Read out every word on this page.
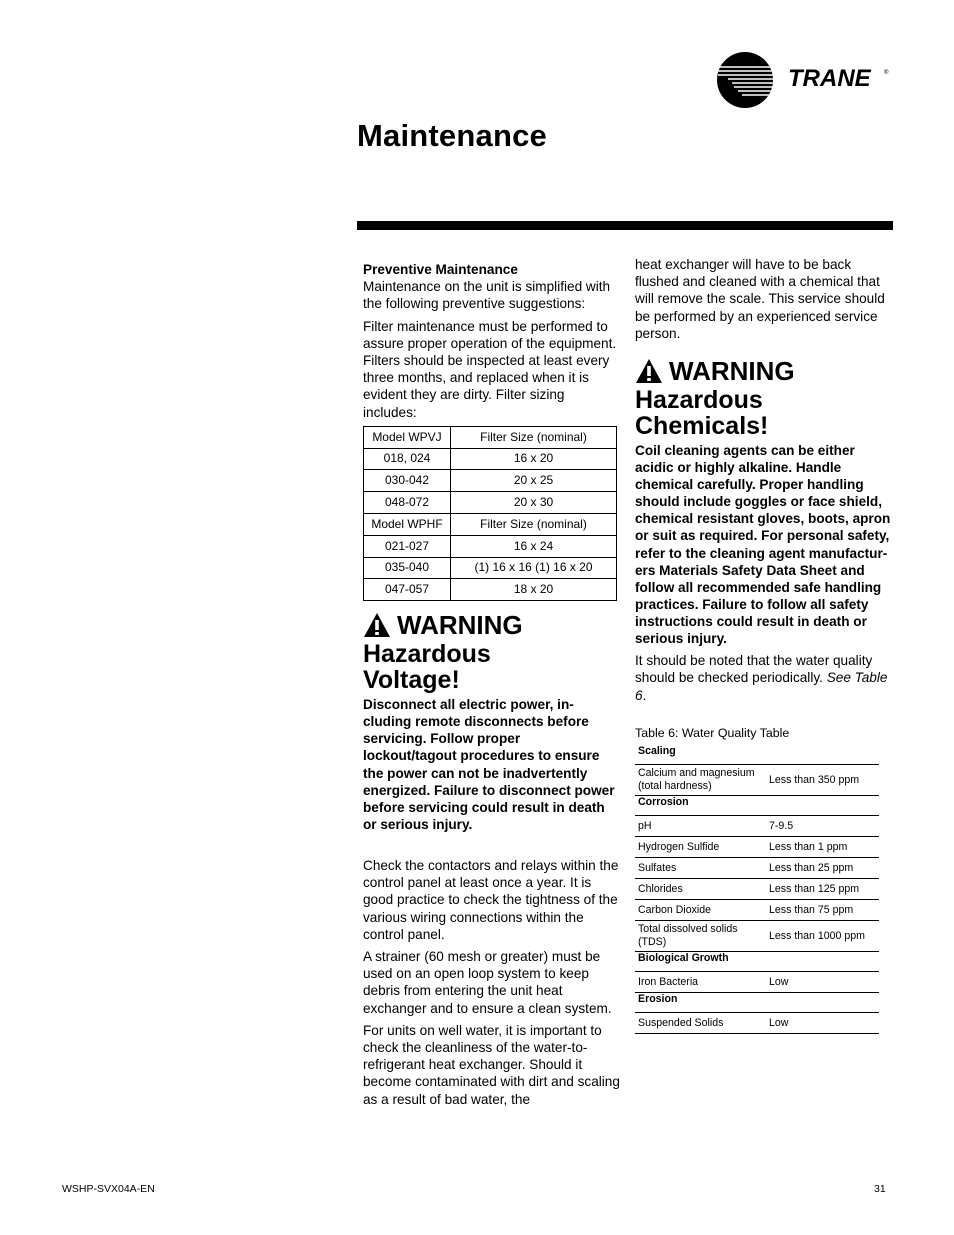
TRANE ®
Maintenance
Preventive Maintenance

Maintenance on the unit is simplified with the following preventive suggestions:

Filter maintenance must be performed to assure proper operation of the equipment. Filters should be inspected at least every three months, and replaced when it is evident they are dirty. Filter sizing includes:

Model WPVJ	Filter Size (nominal)
018, 024	16 x 20
030-042	20 x 25
048-072	20 x 30
Model WPHF	Filter Size (nominal)
021-027	16 x 24
035-040	(1) 16 x 16 (1) 16 x 20
047-057	18 x 20
WARNING
Hazardous Voltage!

Disconnect all electric power, including remote disconnects before servicing. Follow proper lockout/tagout procedures to ensure the power can not be inadvertently energized. Failure to disconnect power before servicing could result in death or serious injury.

Check the contactors and relays within the control panel at least once a year. It is good practice to check the tightness of the various wiring connections within the control panel.

A strainer (60 mesh or greater) must be used on an open loop system to keep debris from entering the unit heat exchanger and to ensure a clean system.

For units on well water, it is important to check the cleanliness of the water-to-refrigerant heat exchanger. Should it become contaminated with dirt and scaling as a result of bad water, the

heat exchanger will have to be back flushed and cleaned with a chemical that will remove the scale. This service should be performed by an experienced service person.

WARNING
Hazardous Chemicals!

Coil cleaning agents can be either acidic or highly alkaline. Handle chemical carefully. Proper handling should include goggles or face shield, chemical resistant gloves, boots, apron or suit as required. For personal safety, refer to the cleaning agent manufacturers Materials Safety Data Sheet and follow all recommended safe handling practices. Failure to follow all safety instructions could result in death or serious injury.

It should be noted that the water quality should be checked periodically. See Table 6.

Table 6: Water Quality Table
Scaling	
Calcium and magnesium (total hardness)	Less than 350 ppm
Corrosion	
pH	7-9.5
Hydrogen Sulfide	Less than 1 ppm
Sulfates	Less than 25 ppm
Chlorides	Less than 125 ppm
Carbon Dioxide	Less than 75 ppm
Total dissolved solids (TDS)	Less than 1000 ppm
Biological Growth	
Iron Bacteria	Low
Erosion	
Suspended Solids	Low
WSHP-SVX04A-EN	31
